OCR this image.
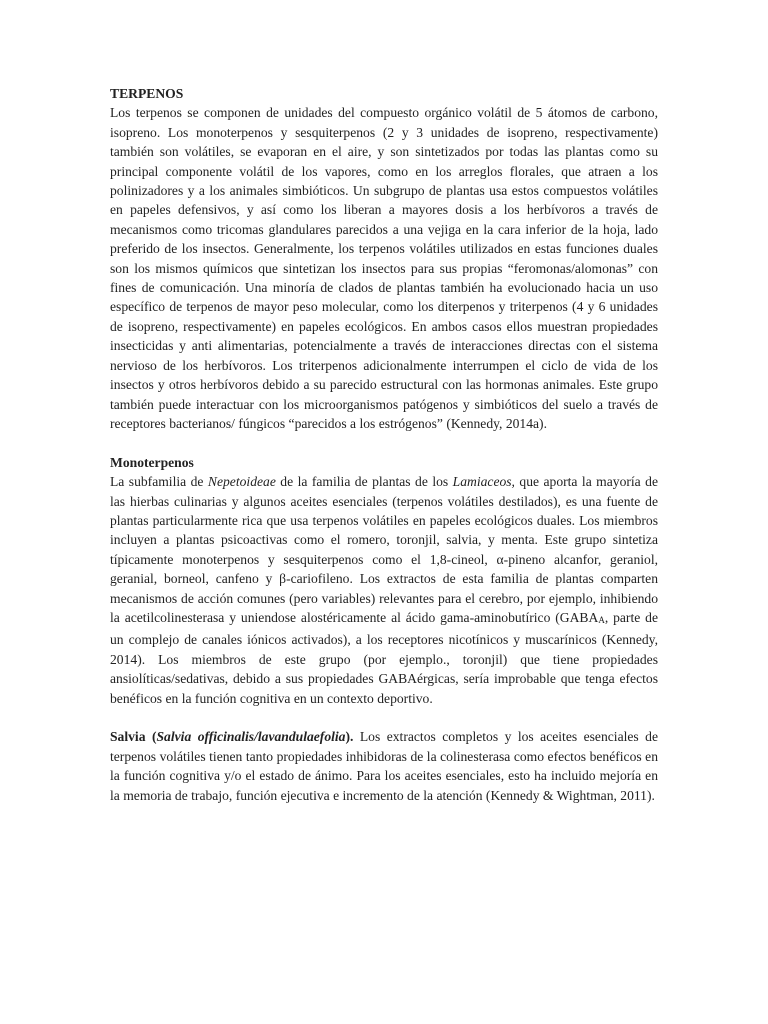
TERPENOS

Los terpenos se componen de unidades del compuesto orgánico volátil de 5 átomos de carbono, isopreno. Los monoterpenos y sesquiterpenos (2 y 3 unidades de isopreno, respectivamente) también son volátiles, se evaporan en el aire, y son sintetizados por todas las plantas como su principal componente volátil de los vapores, como en los arreglos florales, que atraen a los polinizadores y a los animales simbióticos. Un subgrupo de plantas usa estos compuestos volátiles en papeles defensivos, y así como los liberan a mayores dosis a los herbívoros a través de mecanismos como tricomas glandulares parecidos a una vejiga en la cara inferior de la hoja, lado preferido de los insectos. Generalmente, los terpenos volátiles utilizados en estas funciones duales son los mismos químicos que sintetizan los insectos para sus propias “feromonas/alomonas” con fines de comunicación. Una minoría de clados de plantas también ha evolucionado hacia un uso específico de terpenos de mayor peso molecular, como los diterpenos y triterpenos (4 y 6 unidades de isopreno, respectivamente) en papeles ecológicos. En ambos casos ellos muestran propiedades insecticidas y anti alimentarias, potencialmente a través de interacciones directas con el sistema nervioso de los herbívoros. Los triterpenos adicionalmente interrumpen el ciclo de vida de los insectos y otros herbívoros debido a su parecido estructural con las hormonas animales. Este grupo también puede interactuar con los microorganismos patógenos y simbióticos del suelo a través de receptores bacterianos/ fúngicos “parecidos a los estrógenos” (Kennedy, 2014a).

Monoterpenos

La subfamilia de Nepetoideae de la familia de plantas de los Lamiaceos, que aporta la mayoría de las hierbas culinarias y algunos aceites esenciales (terpenos volátiles destilados), es una fuente de plantas particularmente rica que usa terpenos volátiles en papeles ecológicos duales. Los miembros incluyen a plantas psicoactivas como el romero, toronjil, salvia, y menta. Este grupo sintetiza típicamente monoterpenos y sesquiterpenos como el 1,8-cineol, α-pineno alcanfor, geraniol, geranial, borneol, canfeno y β-cariofileno. Los extractos de esta familia de plantas comparten mecanismos de acción comunes (pero variables) relevantes para el cerebro, por ejemplo, inhibiendo la acetilcolinesterasa y uniendose alostéricamente al ácido gama-aminobutírico (GABAA, parte de un complejo de canales iónicos activados), a los receptores nicotínicos y muscarínicos (Kennedy, 2014). Los miembros de este grupo (por ejemplo., toronjil) que tiene propiedades ansiolíticas/sedativas, debido a sus propiedades GABAérgicas, sería improbable que tenga efectos benéficos en la función cognitiva en un contexto deportivo.

Salvia (Salvia officinalis/lavandulaefolia). Los extractos completos y los aceites esenciales de terpenos volátiles tienen tanto propiedades inhibidoras de la colinesterasa como efectos benéficos en la función cognitiva y/o el estado de ánimo. Para los aceites esenciales, esto ha incluido mejoría en la memoria de trabajo, función ejecutiva e incremento de la atención (Kennedy & Wightman, 2011).
